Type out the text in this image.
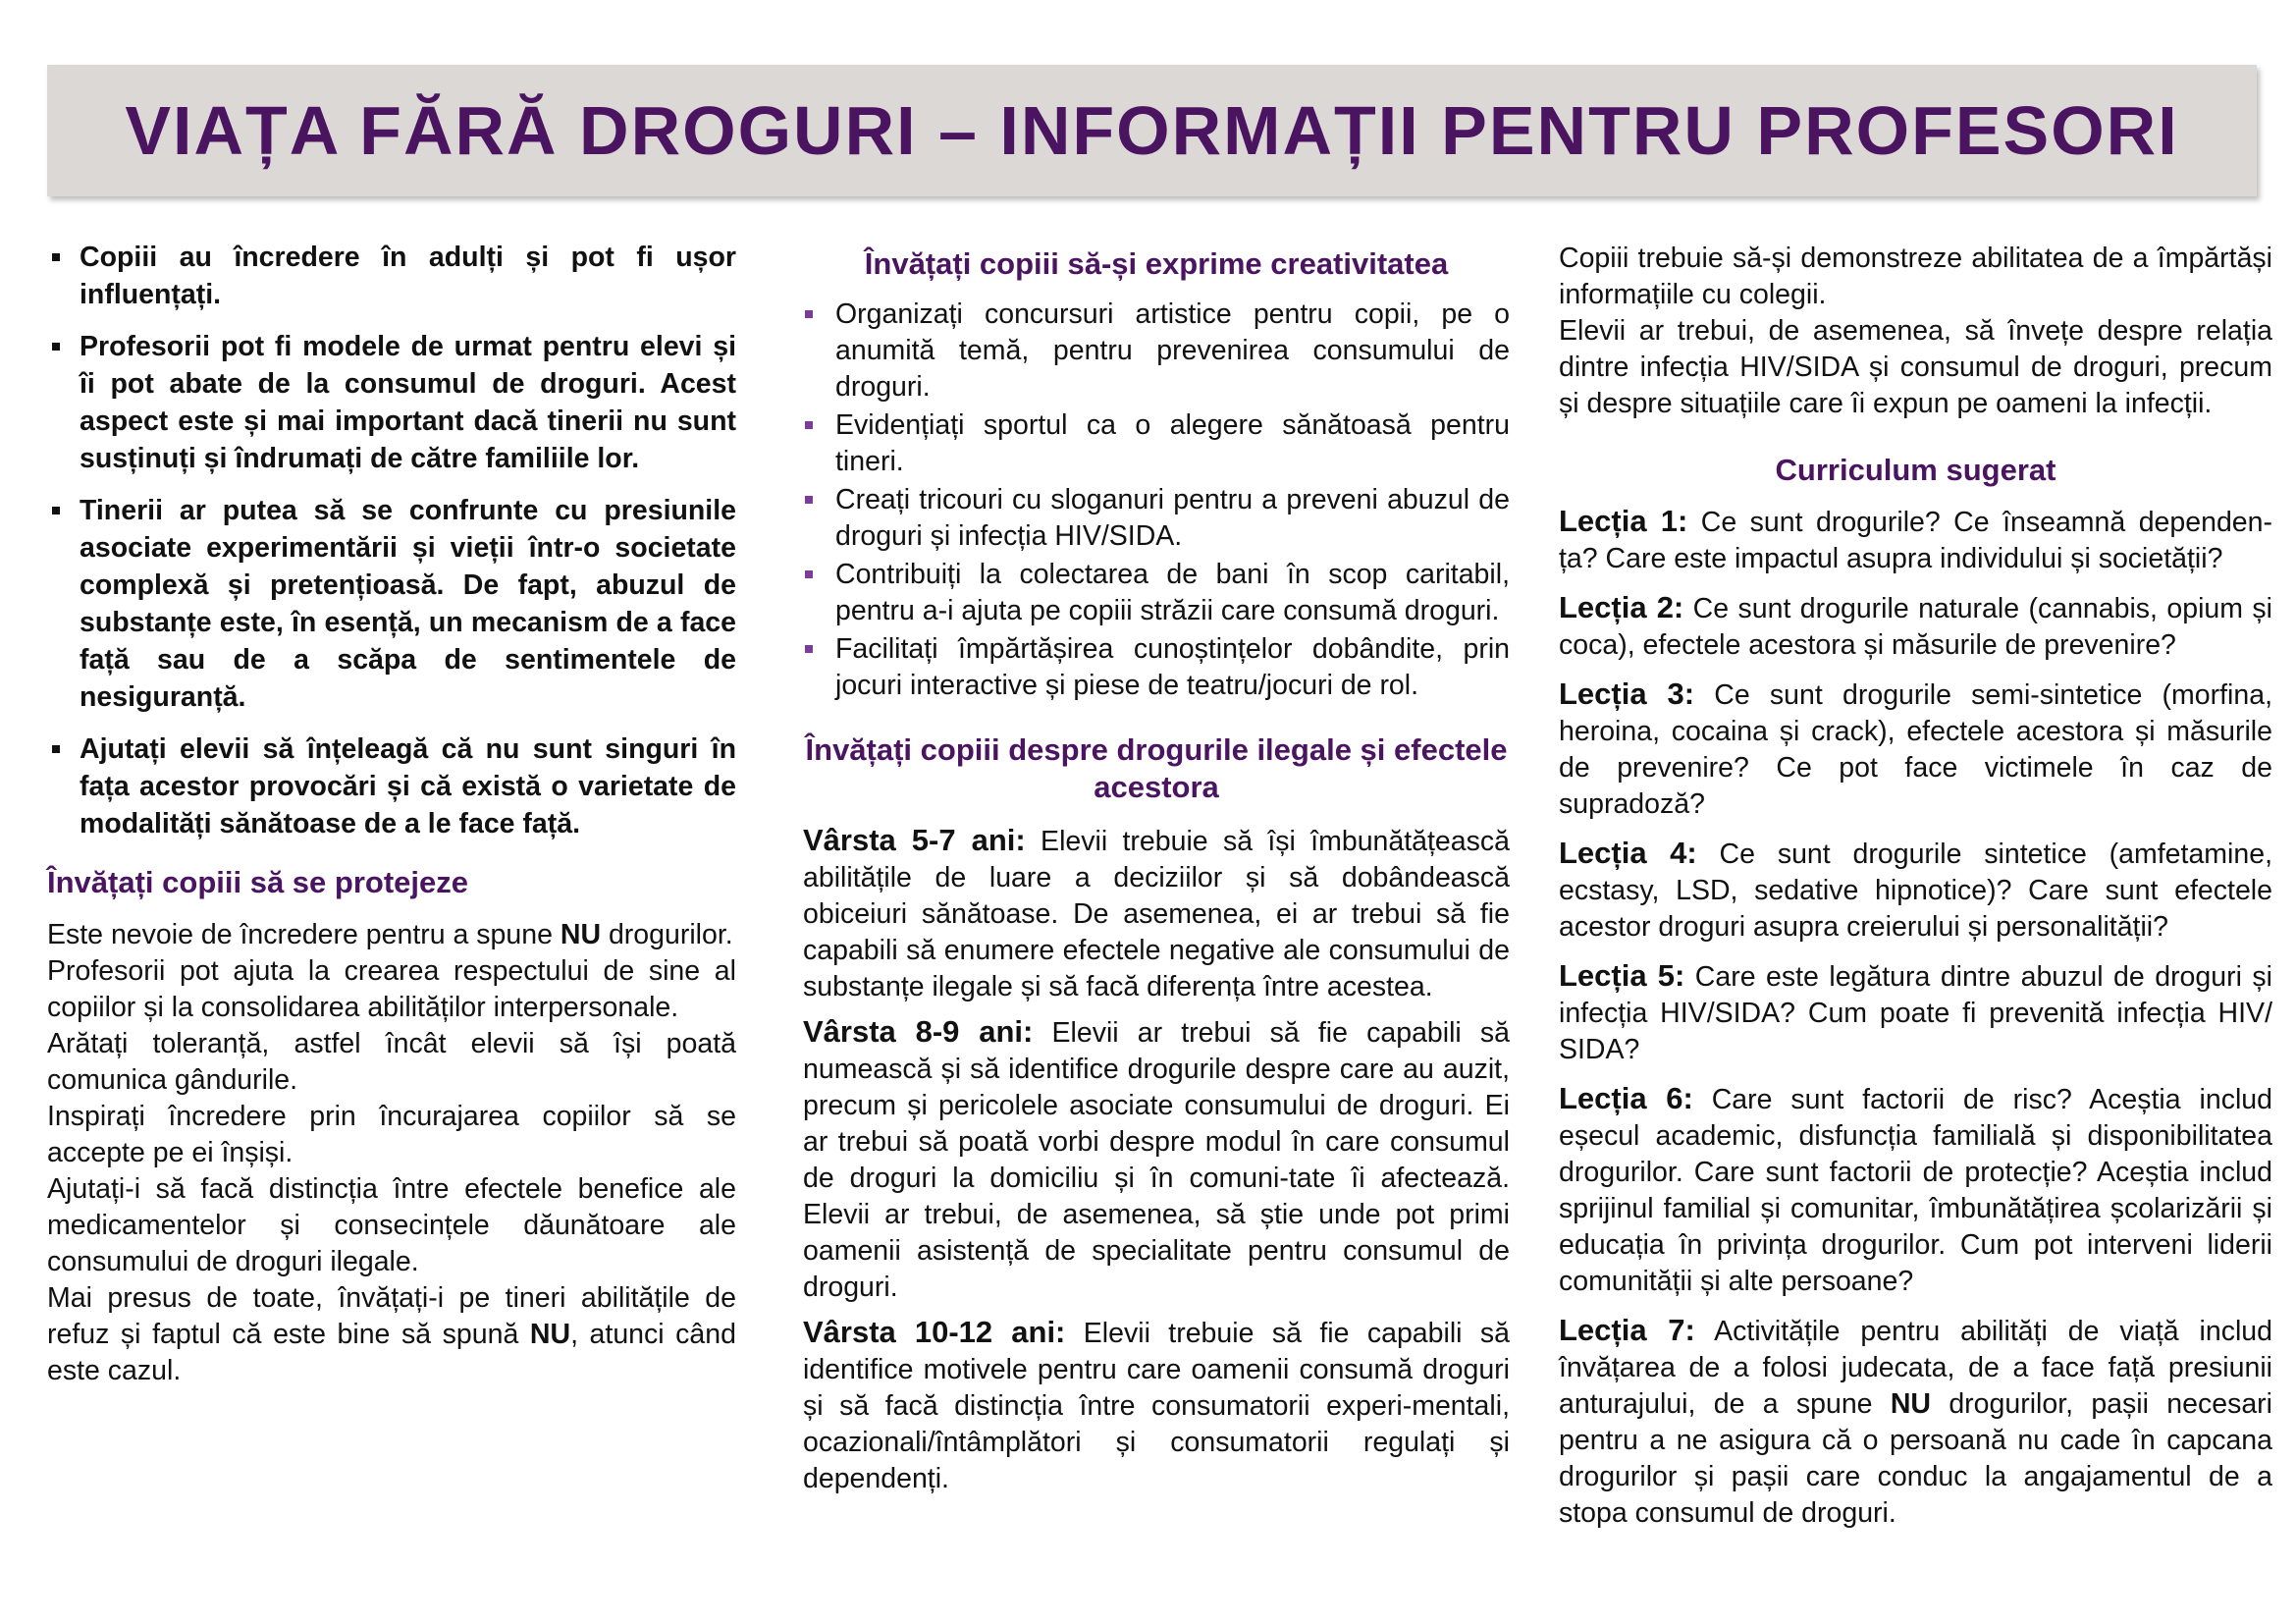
VIAȚA FĂRĂ DROGURI – INFORMAȚII PENTRU PROFESORI
Copiii au încredere în adulți și pot fi ușor influențați.
Profesorii pot fi modele de urmat pentru elevi și îi pot abate de la consumul de droguri. Acest aspect este și mai important dacă tinerii nu sunt susținuți și îndrumați de către familiile lor.
Tinerii ar putea să se confrunte cu presiunile asociate experimentării și vieții într-o societate complexă și pretențioasă. De fapt, abuzul de substanțe este, în esență, un mecanism de a face față sau de a scăpa de sentimentele de nesiguranță.
Ajutați elevii să înțeleagă că nu sunt singuri în fața acestor provocări și că există o varietate de modalități sănătoase de a le face față.
Învățați copiii să se protejeze

Este nevoie de încredere pentru a spune NU drogurilor.

Profesorii pot ajuta la crearea respectului de sine al copiilor și la consolidarea abilităților interpersonale.

Arătați toleranță, astfel încât elevii să își poată comunica gândurile.

Inspirați încredere prin încurajarea copiilor să se accepte pe ei înșiși.

Ajutați-i să facă distincția între efectele benefice ale medicamentelor și consecințele dăunătoare ale consumului de droguri ilegale.

Mai presus de toate, învățați-i pe tineri abilitățile de refuz și faptul că este bine să spună NU, atunci când este cazul.

Învățați copiii să-și exprime creativitatea
Organizați concursuri artistice pentru copii, pe o anumită temă, pentru prevenirea consumului de droguri.
Evidențiați sportul ca o alegere sănătoasă pentru tineri.
Creați tricouri cu sloganuri pentru a preveni abuzul de droguri și infecția HIV/SIDA.
Contribuiți la colectarea de bani în scop caritabil, pentru a-i ajuta pe copiii străzii care consumă droguri.
Facilitați împărtășirea cunoștințelor dobândite, prin jocuri interactive și piese de teatru/jocuri de rol.
Învățați copiii despre drogurile ilegale și efectele acestora

Vârsta 5-7 ani: Elevii trebuie să își îmbunătățească abilitățile de luare a deciziilor și să dobândească obiceiuri sănătoase. De asemenea, ei ar trebui să fie capabili să enumere efectele negative ale consumului de substanțe ilegale și să facă diferența între acestea.

Vârsta 8-9 ani: Elevii ar trebui să fie capabili să numească și să identifice drogurile despre care au auzit, precum și pericolele asociate consumului de droguri. Ei ar trebui să poată vorbi despre modul în care consumul de droguri la domiciliu și în comuni-tate îi afectează. Elevii ar trebui, de asemenea, să știe unde pot primi oamenii asistență de specialitate pentru consumul de droguri.

Vârsta 10-12 ani: Elevii trebuie să fie capabili să identifice motivele pentru care oamenii consumă droguri și să facă distincția între consumatorii experi-mentali, ocazionali/întâmplători și consumatorii regulați și dependenți.

Copiii trebuie să-și demonstreze abilitatea de a împărtăși informațiile cu colegii.

Elevii ar trebui, de asemenea, să învețe despre relația dintre infecția HIV/SIDA și consumul de droguri, precum și despre situațiile care îi expun pe oameni la infecții.

Curriculum sugerat

Lecția 1: Ce sunt drogurile? Ce înseamnă dependen-ța? Care este impactul asupra individului și societății?

Lecția 2: Ce sunt drogurile naturale (cannabis, opium și coca), efectele acestora și măsurile de prevenire?

Lecția 3: Ce sunt drogurile semi-sintetice (morfina, heroina, cocaina și crack), efectele acestora și măsurile de prevenire? Ce pot face victimele în caz de supradoză?

Lecția 4: Ce sunt drogurile sintetice (amfetamine, ecstasy, LSD, sedative hipnotice)? Care sunt efectele acestor droguri asupra creierului și personalității?

Lecția 5: Care este legătura dintre abuzul de droguri și infecția HIV/SIDA? Cum poate fi prevenită infecția HIV/ SIDA?

Lecția 6: Care sunt factorii de risc? Aceștia includ eșecul academic, disfuncția familială și disponibilitatea drogurilor. Care sunt factorii de protecție? Aceștia includ sprijinul familial și comunitar, îmbunătățirea școlarizării și educația în privința drogurilor. Cum pot interveni liderii comunității și alte persoane?

Lecția 7: Activitățile pentru abilități de viață includ învățarea de a folosi judecata, de a face față presiunii anturajului, de a spune NU drogurilor, pașii necesari pentru a ne asigura că o persoană nu cade în capcana drogurilor și pașii care conduc la angajamentul de a stopa consumul de droguri.
